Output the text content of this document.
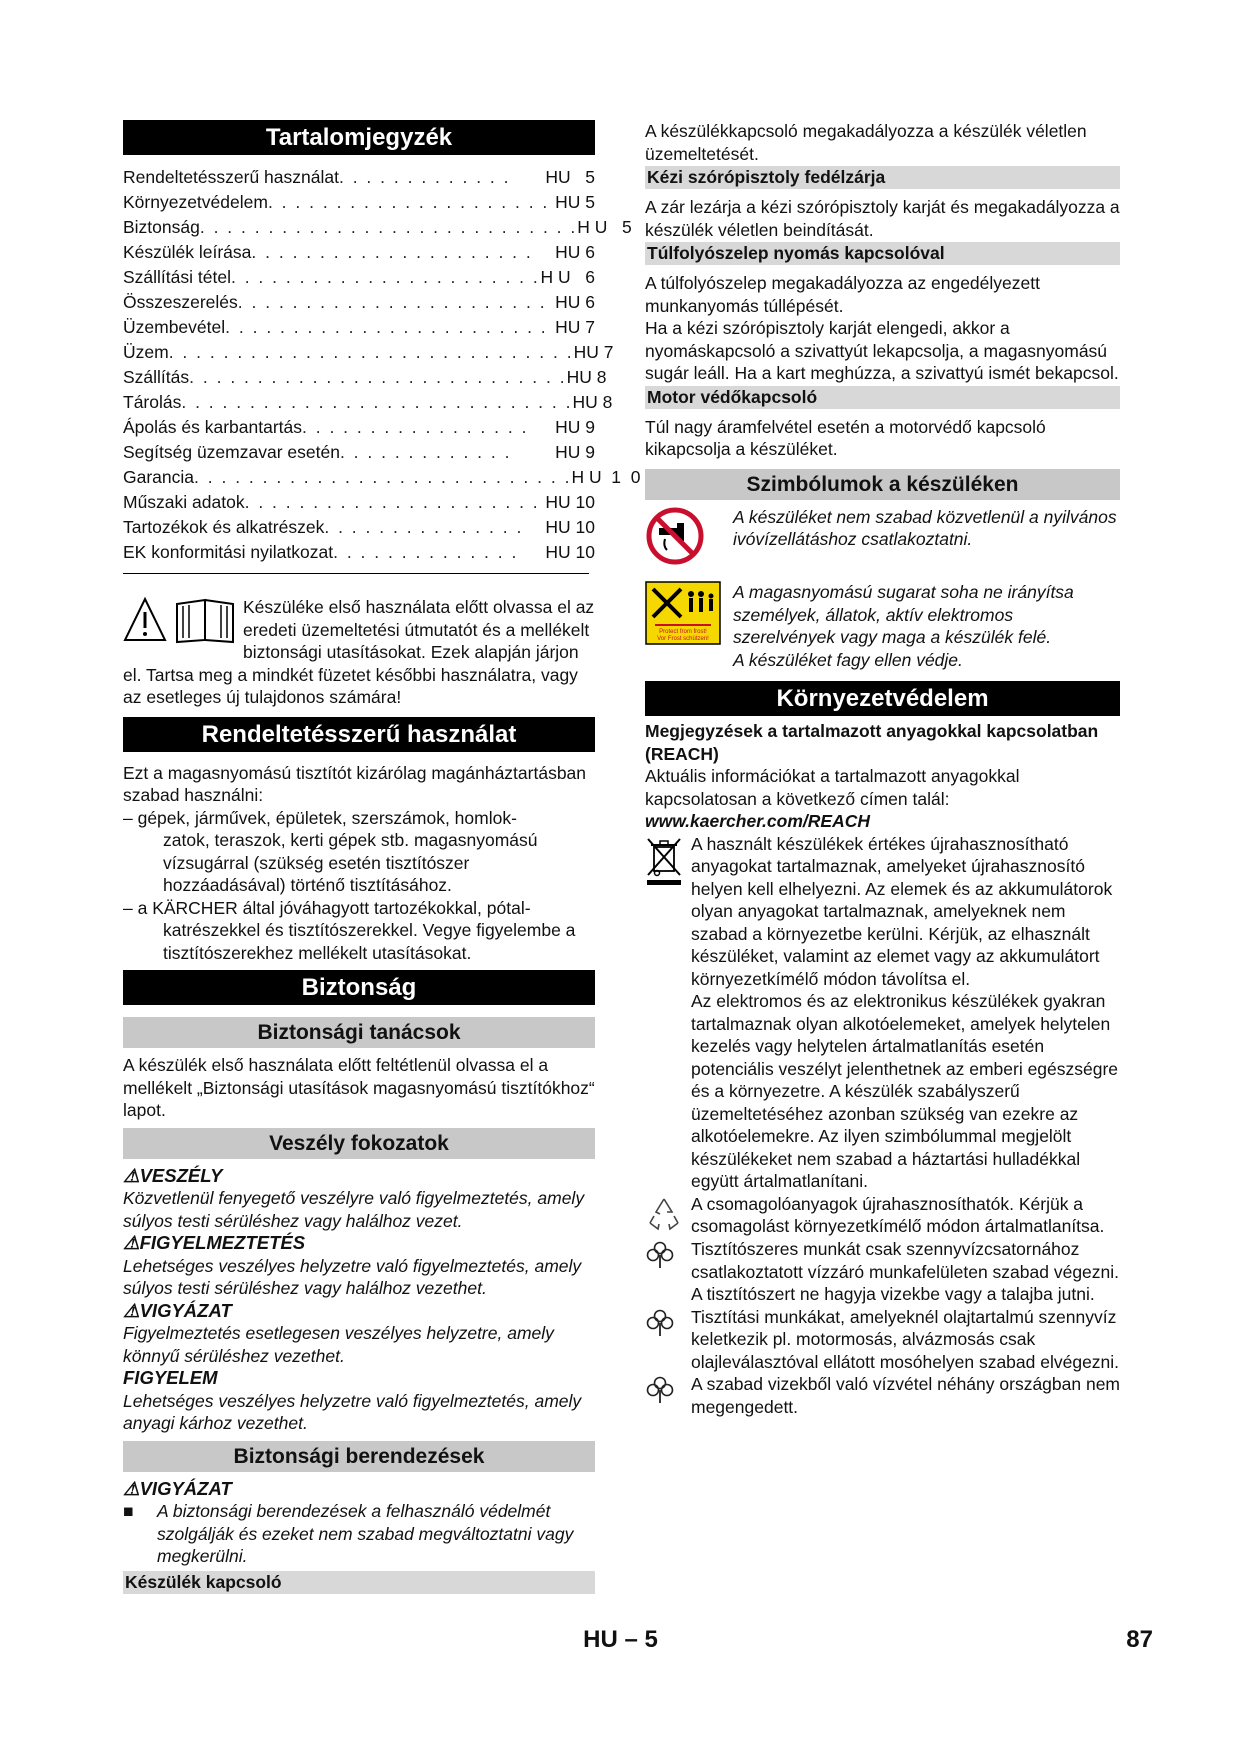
Tartalomjegyzék
Rendeltetésszerű használat . . . . . . . . . . . . .	HU   5
Környezetvédelem . . . . . . . . . . . . . . . . . . . . . HU 5
Biztonság . . . . . . . . . . . . . . . . . . . . . . . . . . . . H U   5
Készülék leírása . . . . . . . . . . . . . . . . . . . . .	HU 6
Szállítási tétel . . . . . . . . . . . . . . . . . . . . . . . H U   6
Összeszerelés . . . . . . . . . . . . . . . . . . . . . . . HU 6
Üzembevétel . . . . . . . . . . . . . . . . . . . . . . . . HU 7
Üzem . . . . . . . . . . . . . . . . . . . . . . . . . . . . . . HU 7
Szállítás . . . . . . . . . . . . . . . . . . . . . . . . . . . . HU 8
Tárolás . . . . . . . . . . . . . . . . . . . . . . . . . . . . . HU 8
Ápolás és karbantartás . . . . . . . . . . . . . . . . .	HU 9
Segítség üzemzavar esetén . . . . . . . . . . . . .	HU 9
Garancia . . . . . . . . . . . . . . . . . . . . . . . . . . . . H U  1  0
Műszaki adatok . . . . . . . . . . . . . . . . . . . . . . HU 10
Tartozékok és alkatrészek . . . . . . . . . . . . . . .	HU 10
EK konformitási nyilatkozat . . . . . . . . . . . . . .	HU 10

Készüléke első használata előtt olvassa el az eredeti üzemeltetési útmutatót és a mellékelt biztonsági utasításokat. Ezek alapján járjon el. Tartsa meg a mindkét füzetet későbbi használatra, vagy az esetleges új tulajdonos számára!

Rendeltetésszerű használat

Ezt a magasnyomású tisztítót kizárólag magánháztartásban szabad használni:

– gépek, járművek, épületek, szerszámok, homlok-

zatok, teraszok, kerti gépek stb. magasnyomású vízsugárral (szükség esetén tisztítószer hozzáadásával) történő tisztításához.

– a KÄRCHER által jóváhagyott tartozékokkal, pótal-

katrészekkel és tisztítószerekkel. Vegye figyelembe a tisztítószerekhez mellékelt utasításokat.

Biztonság
Biztonsági tanácsok

A készülék első használata előtt feltétlenül olvassa el a mellékelt „Biztonsági utasítások magasnyomású tisztítókhoz“ lapot.

Veszély fokozatok
⚠VESZÉLY

Közvetlenül fenyegető veszélyre való figyelmeztetés, amely súlyos testi sérüléshez vagy halálhoz vezet.

⚠FIGYELMEZTETÉS

Lehetséges veszélyes helyzetre való figyelmeztetés, amely súlyos testi sérüléshez vagy halálhoz vezethet.

⚠VIGYÁZAT

Figyelmeztetés esetlegesen veszélyes helyzetre, amely könnyű sérüléshez vezethet.

FIGYELEM

Lehetséges veszélyes helyzetre való figyelmeztetés, amely anyagi kárhoz vezethet.

Biztonsági berendezések
⚠VIGYÁZAT
■	A biztonsági berendezések a felhasználó védelmét szolgálják és ezeket nem szabad megváltoztatni vagy megkerülni.

Készülék kapcsoló

A készülékkapcsoló megakadályozza a készülék véletlen üzemeltetését.

Kézi szórópisztoly fedélzárja

A zár lezárja a kézi szórópisztoly karját és megakadályozza a készülék véletlen beindítását.

Túlfolyószelep nyomás kapcsolóval

A túlfolyószelep megakadályozza az engedélyezett munkanyomás túllépését.

Ha a kézi szórópisztoly karját elengedi, akkor a nyomáskapcsoló a szivattyút lekapcsolja, a magasnyomású sugár leáll. Ha a kart meghúzza, a szivattyú ismét bekapcsol.

Motor védőkapcsoló

Túl nagy áramfelvétel esetén a motorvédő kapcsoló kikapcsolja a készüléket.

Szimbólumok a készüléken

A készüléket nem szabad közvetlenül a nyilvános ivóvízellátáshoz csatlakoztatni.

Protect from frost!
Vor Frost schützen!

A magasnyomású sugarat soha ne irányítsa személyek, állatok, aktív elektromos szerelvények vagy maga a készülék felé.

A készüléket fagy ellen védje.

Környezetvédelem

Megjegyzések a tartalmazott anyagokkal kapcsolatban (REACH)

Aktuális információkat a tartalmazott anyagokkal kapcsolatosan a következő címen talál:

www.kaercher.com/REACH

A használt készülékek értékes újrahasznosítható anyagokat tartalmaznak, amelyeket újrahasznosító helyen kell elhelyezni. Az elemek és az akkumulátorok olyan anyagokat tartalmaznak, amelyeknek nem szabad a környezetbe kerülni. Kérjük, az elhasznált készüléket, valamint az elemet vagy az akkumulátort környezetkímélő módon távolítsa el.

Az elektromos és az elektronikus készülékek gyakran tartalmaznak olyan alkotóelemeket, amelyek helytelen kezelés vagy helytelen ártalmatlanítás esetén potenciális veszélyt jelenthetnek az emberi egészségre és a környezetre. A készülék szabályszerű üzemeltetéséhez azonban szükség van ezekre az alkotóelemekre. Az ilyen szimbólummal megjelölt készülékeket nem szabad a háztartási hulladékkal együtt ártalmatlanítani.

A csomagolóanyagok újrahasznosíthatók. Kérjük a csomagolást környezetkímélő módon ártalmatlanítsa.

Tisztítószeres munkát csak szennyvízcsatornához csatlakoztatott vízzáró munkafelületen szabad végezni. A tisztítószert ne hagyja vizekbe vagy a talajba jutni.

Tisztítási munkákat, amelyeknél olajtartalmú szennyvíz keletkezik pl. motormosás, alvázmosás csak olajleválasztóval ellátott mosóhelyen szabad elvégezni.

A szabad vizekből való vízvétel néhány országban nem megengedett.

HU – 5	87
